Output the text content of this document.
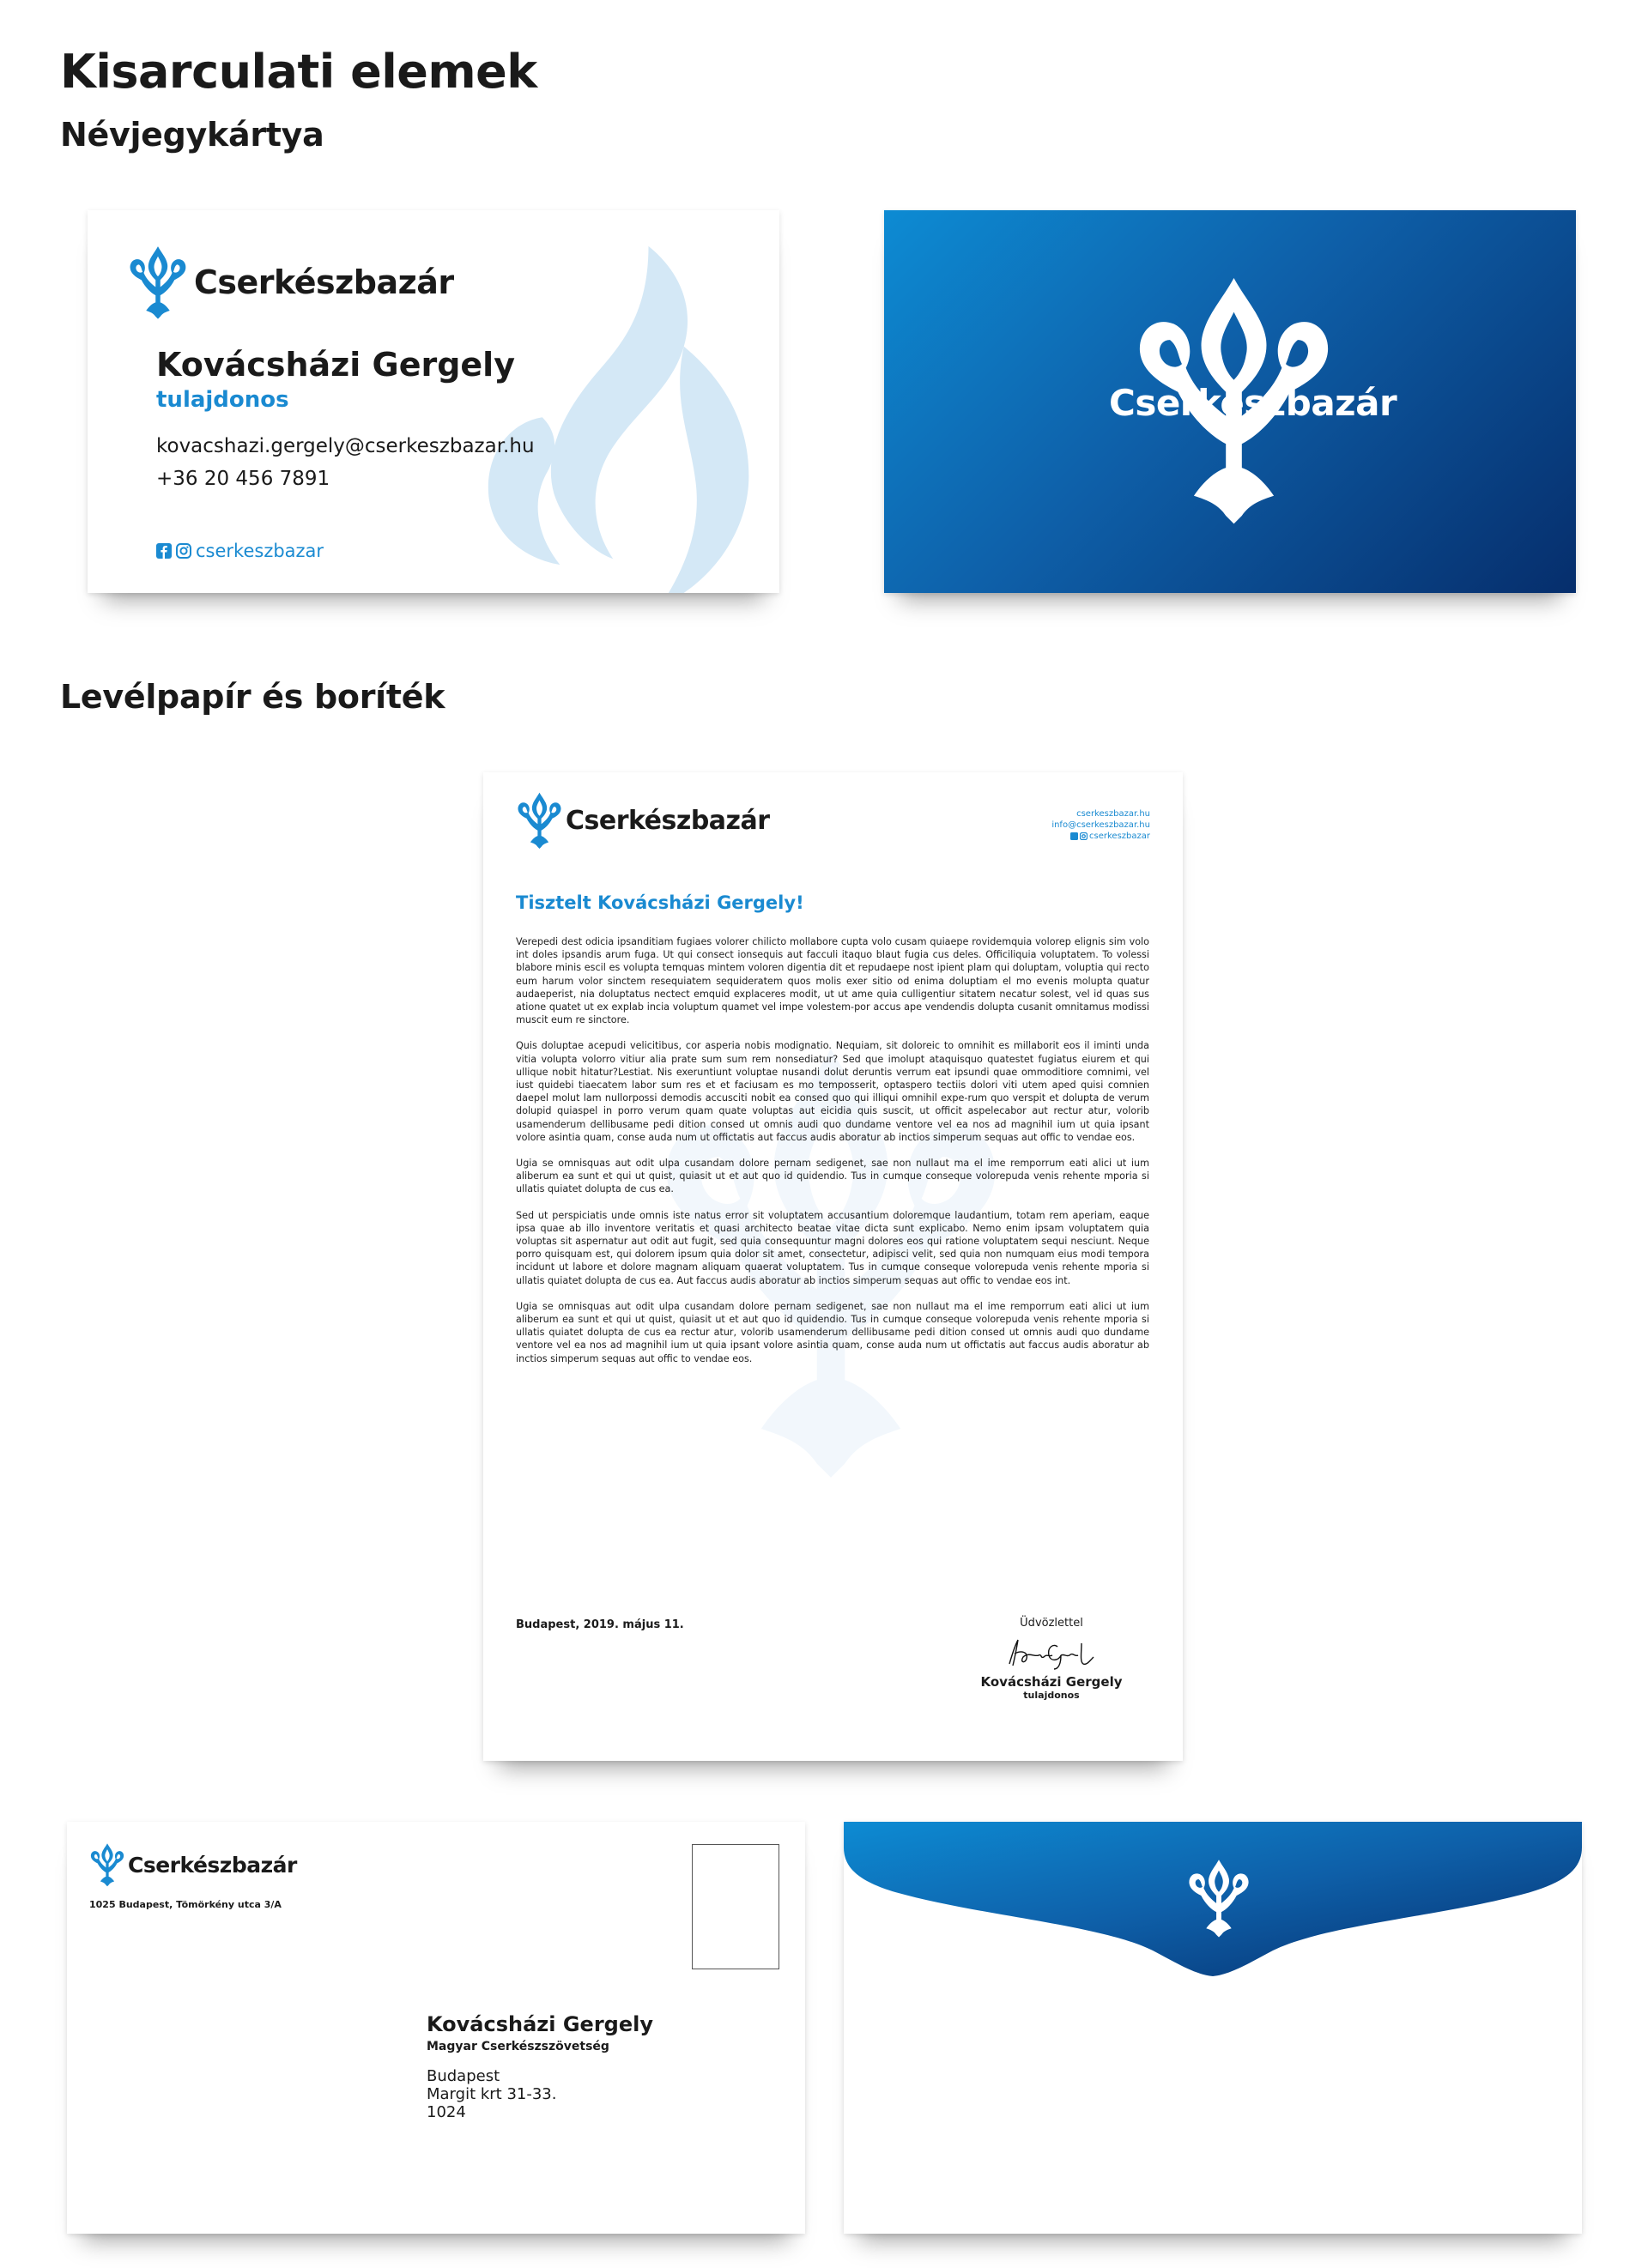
Kisarculati elemek
Névjegykártya
Cserkészbazár
Kovácsházi Gergely
tulajdonos
kovacshazi.gergely@cserkeszbazar.hu
+36 20 456 7891
cserkeszbazar
Cserkészbazár
Levélpapír és boríték
Cserkészbazár	cserkeszbazar.hu
info@cserkeszbazar.hu
cserkeszbazar
Tisztelt Kovácsházi Gergely!

Verepedi dest odicia ipsanditiam fugiaes volorer chilicto mollabore cupta volo cusam quiaepe rovidemquia volorep elignis sim volo int doles ipsandis arum fuga. Ut qui consect ionsequis aut facculi itaquo blaut fugia cus deles. Officiliquia voluptatem. To volessi blabore minis escil es volupta temquas mintem voloren digentia dit et repudaepe nost ipient plam qui doluptam, voluptia qui recto eum harum volor sinctem resequiatem sequideratem quos molis exer sitio od enima doluptiam el mo evenis molupta quatur audaeperist, nia doluptatus nectect emquid explaceres modit, ut ut ame quia culligentiur sitatem necatur solest, vel id quas sus atione quatet ut ex explab incia voluptum quamet vel impe volestem-por accus ape vendendis dolupta cusanit omnitamus modissi muscit eum re sinctore.

Quis doluptae acepudi velicitibus, cor asperia nobis modignatio. Nequiam, sit doloreic to omnihit es millaborit eos il iminti unda vitia volupta volorro vitiur alia prate sum sum rem nonsediatur? Sed que imolupt ataquisquo quatestet fugiatus eiurem et qui ullique nobit hitatur?Lestiat. Nis exeruntiunt voluptae nusandi dolut deruntis verrum eat ipsundi quae ommoditiore comnimi, vel iust quidebi tiaecatem labor sum res et et faciusam es mo temposserit, optaspero tectiis dolori viti utem aped quisi comnien daepel molut lam nullorpossi demodis accusciti nobit ea consed quo qui illiqui omnihil expe-rum quo verspit et dolupta de verum dolupid quiaspel in porro verum quam quate voluptas aut eicidia quis suscit, ut officit aspelecabor aut rectur atur, volorib usamenderum dellibusame pedi dition consed ut omnis audi quo dundame ventore vel ea nos ad magnihil ium ut quia ipsant volore asintia quam, conse auda num ut offictatis aut faccus audis aboratur ab inctios simperum sequas aut offic to vendae eos.

Ugia se omnisquas aut odit ulpa cusandam dolore pernam sedigenet, sae non nullaut ma el ime remporrum eati alici ut ium aliberum ea sunt et qui ut quist, quiasit ut et aut quo id quidendio. Tus in cumque conseque volorepuda venis rehente mporia si ullatis quiatet dolupta de cus ea.

Sed ut perspiciatis unde omnis iste natus error sit voluptatem accusantium doloremque laudantium, totam rem aperiam, eaque ipsa quae ab illo inventore veritatis et quasi architecto beatae vitae dicta sunt explicabo. Nemo enim ipsam voluptatem quia voluptas sit aspernatur aut odit aut fugit, sed quia consequuntur magni dolores eos qui ratione voluptatem sequi nesciunt. Neque porro quisquam est, qui dolorem ipsum quia dolor sit amet, consectetur, adipisci velit, sed quia non numquam eius modi tempora incidunt ut labore et dolore magnam aliquam quaerat voluptatem. Tus in cumque conseque volorepuda venis rehente mporia si ullatis quiatet dolupta de cus ea. Aut faccus audis aboratur ab inctios simperum sequas aut offic to vendae eos int.

Ugia se omnisquas aut odit ulpa cusandam dolore pernam sedigenet, sae non nullaut ma el ime remporrum eati alici ut ium aliberum ea sunt et qui ut quist, quiasit ut et aut quo id quidendio. Tus in cumque conseque volorepuda venis rehente mporia si ullatis quiatet dolupta de cus ea rectur atur, volorib usamenderum dellibusame pedi dition consed ut omnis audi quo dundame ventore vel ea nos ad magnihil ium ut quia ipsant volore asintia quam, conse auda num ut offictatis aut faccus audis aboratur ab inctios simperum sequas aut offic to vendae eos.

Budapest, 2019. május 11.	Üdvözlettel
Kovácsházi Gergely
tulajdonos
Cserkészbazár
1025 Budapest, Tömörkény utca 3/A
Kovácsházi Gergely
Magyar Cserkészszövetség
Budapest
Margit krt 31-33.
1024
